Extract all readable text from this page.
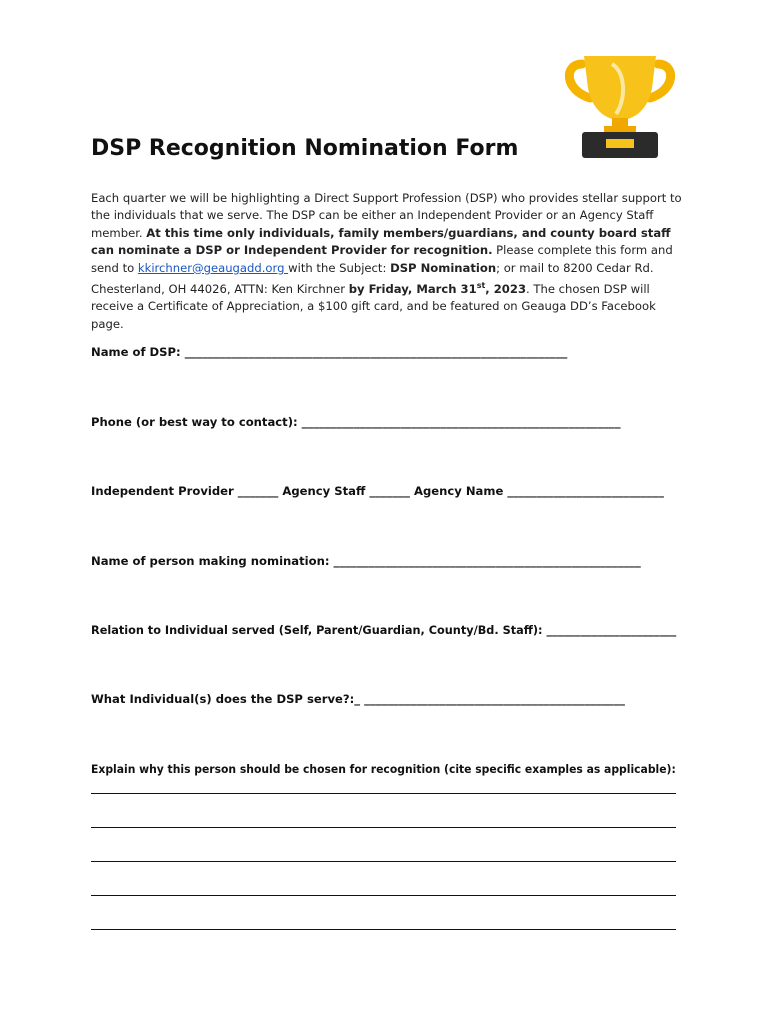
DSP Recognition Nomination Form
Each quarter we will be highlighting a Direct Support Profession (DSP) who provides stellar support to the individuals that we serve. The DSP can be either an Independent Provider or an Agency Staff member. At this time only individuals, family members/guardians, and county board staff can nominate a DSP or Independent Provider for recognition. Please complete this form and send to kkirchner@geaugadd.org with the Subject: DSP Nomination; or mail to 8200 Cedar Rd. Chesterland, OH 44026, ATTN: Ken Kirchner by Friday, March 31st, 2023. The chosen DSP will receive a Certificate of Appreciation, a $100 gift card, and be featured on Geauga DD’s Facebook page.
Name of DSP: __________________________________________________________________
Phone (or best way to contact): _______________________________________________________
Independent Provider _______ Agency Staff _______ Agency Name ___________________________
Name of person making nomination: _____________________________________________________
Relation to Individual served (Self, Parent/Guardian, County/Bd. Staff): _______________________
What Individual(s) does the DSP serve?:_ _____________________________________________
Explain why this person should be chosen for recognition (cite specific examples as applicable):
